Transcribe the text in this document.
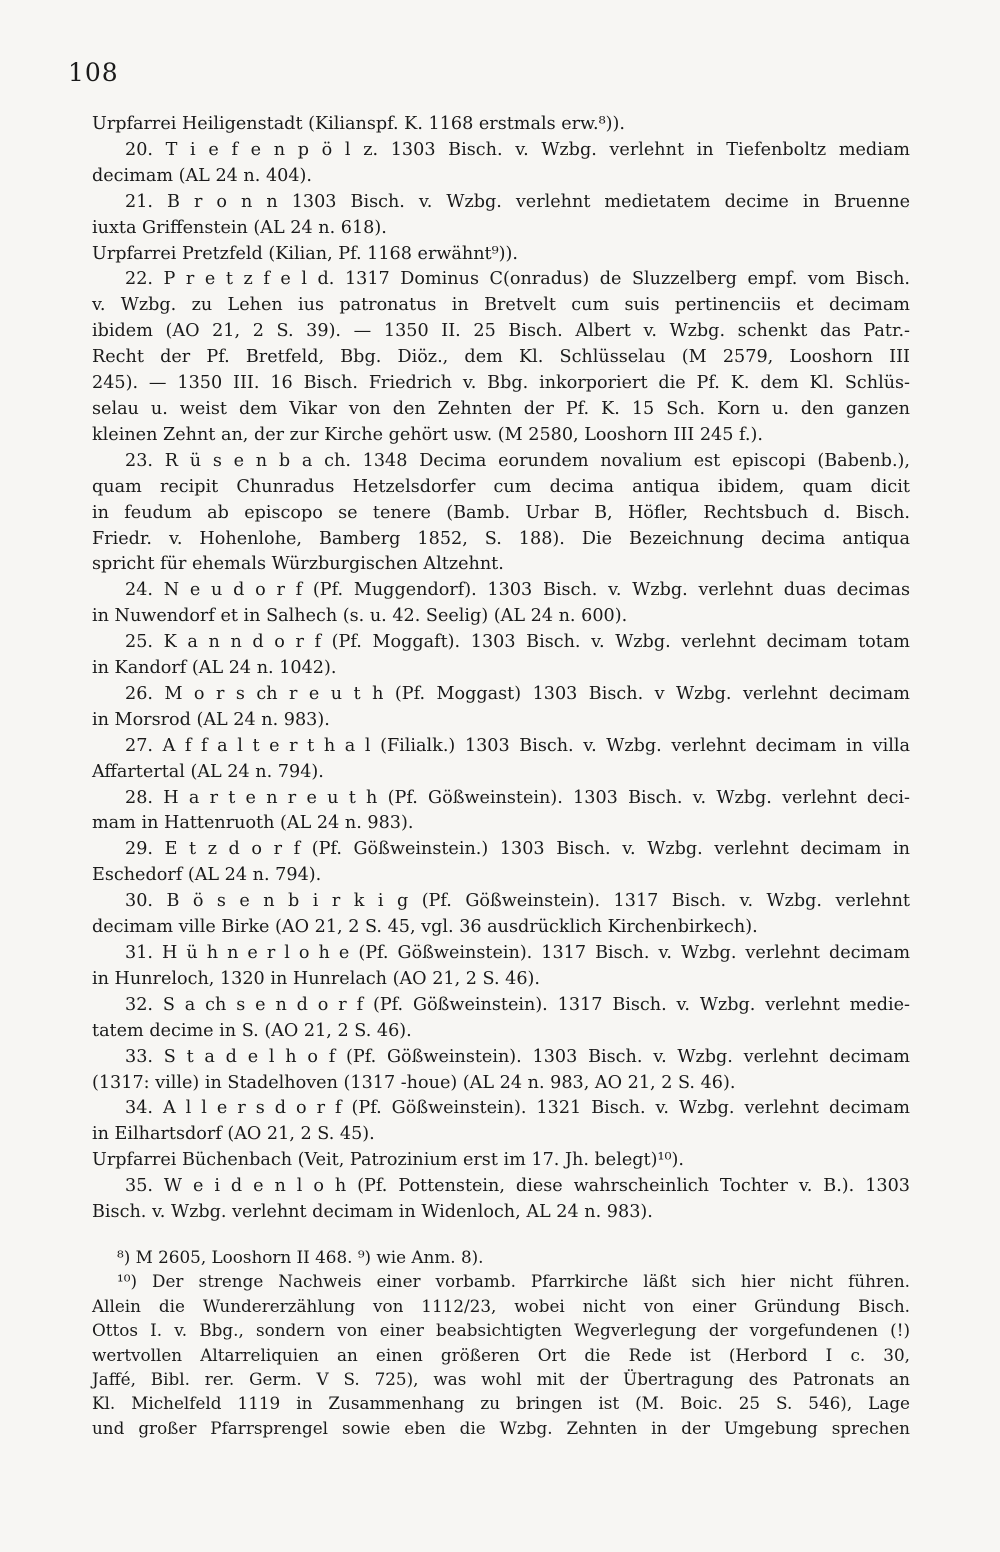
108
Urpfarrei Heiligenstadt (Kilianspf. K. 1168 erstmals erw.⁸)).
20. T i e f e n p ö l z. 1303 Bisch. v. Wzbg. verlehnt in Tiefenboltz mediam
decimam (AL 24 n. 404).
21. B r o n n 1303 Bisch. v. Wzbg. verlehnt medietatem decime in Bruenne
iuxta Griffenstein (AL 24 n. 618).
Urpfarrei Pretzfeld (Kilian, Pf. 1168 erwähnt⁹)).
22. P r e t z f e l d. 1317 Dominus C(onradus) de Sluzzelberg empf. vom Bisch.
v. Wzbg. zu Lehen ius patronatus in Bretvelt cum suis pertinenciis et decimam
ibidem (AO 21, 2 S. 39). — 1350 II. 25 Bisch. Albert v. Wzbg. schenkt das Patr.-
Recht der Pf. Bretfeld, Bbg. Diöz., dem Kl. Schlüsselau (M 2579, Looshorn III
245). — 1350 III. 16 Bisch. Friedrich v. Bbg. inkorporiert die Pf. K. dem Kl. Schlüs-
selau u. weist dem Vikar von den Zehnten der Pf. K. 15 Sch. Korn u. den ganzen
kleinen Zehnt an, der zur Kirche gehört usw. (M 2580, Looshorn III 245 f.).
23. R ü s e n b a ch. 1348 Decima eorundem novalium est episcopi (Babenb.),
quam recipit Chunradus Hetzelsdorfer cum decima antiqua ibidem, quam dicit
in feudum ab episcopo se tenere (Bamb. Urbar B, Höfler, Rechtsbuch d. Bisch.
Friedr. v. Hohenlohe, Bamberg 1852, S. 188). Die Bezeichnung decima antiqua
spricht für ehemals Würzburgischen Altzehnt.
24. N e u d o r f (Pf. Muggendorf). 1303 Bisch. v. Wzbg. verlehnt duas decimas
in Nuwendorf et in Salhech (s. u. 42. Seelig) (AL 24 n. 600).
25. K a n n d o r f (Pf. Moggaft). 1303 Bisch. v. Wzbg. verlehnt decimam totam
in Kandorf (AL 24 n. 1042).
26. M o r s ch r e u t h (Pf. Moggast) 1303 Bisch. v Wzbg. verlehnt decimam
in Morsrod (AL 24 n. 983).
27. A f f a l t e r t h a l (Filialk.) 1303 Bisch. v. Wzbg. verlehnt decimam in villa
Affartertal (AL 24 n. 794).
28. H a r t e n r e u t h (Pf. Gößweinstein). 1303 Bisch. v. Wzbg. verlehnt deci-
mam in Hattenruoth (AL 24 n. 983).
29. E t z d o r f (Pf. Gößweinstein.) 1303 Bisch. v. Wzbg. verlehnt decimam in
Eschedorf (AL 24 n. 794).
30. B ö s e n b i r k i g (Pf. Gößweinstein). 1317 Bisch. v. Wzbg. verlehnt
decimam ville Birke (AO 21, 2 S. 45, vgl. 36 ausdrücklich Kirchenbirkech).
31. H ü h n e r l o h e (Pf. Gößweinstein). 1317 Bisch. v. Wzbg. verlehnt decimam
in Hunreloch, 1320 in Hunrelach (AO 21, 2 S. 46).
32. S a ch s e n d o r f (Pf. Gößweinstein). 1317 Bisch. v. Wzbg. verlehnt medie-
tatem decime in S. (AO 21, 2 S. 46).
33. S t a d e l h o f (Pf. Gößweinstein). 1303 Bisch. v. Wzbg. verlehnt decimam
(1317: ville) in Stadelhoven (1317 -houe) (AL 24 n. 983, AO 21, 2 S. 46).
34. A l l e r s d o r f (Pf. Gößweinstein). 1321 Bisch. v. Wzbg. verlehnt decimam
in Eilhartsdorf (AO 21, 2 S. 45).
Urpfarrei Büchenbach (Veit, Patrozinium erst im 17. Jh. belegt)¹⁰).
35. W e i d e n l o h (Pf. Pottenstein, diese wahrscheinlich Tochter v. B.). 1303
Bisch. v. Wzbg. verlehnt decimam in Widenloch, AL 24 n. 983).
⁸) M 2605, Looshorn II 468. ⁹) wie Anm. 8).
¹⁰) Der strenge Nachweis einer vorbamb. Pfarrkirche läßt sich hier nicht führen.
Allein die Wundererzählung von 1112/23, wobei nicht von einer Gründung Bisch.
Ottos I. v. Bbg., sondern von einer beabsichtigten Wegverlegung der vorgefundenen (!)
wertvollen Altarreliquien an einen größeren Ort die Rede ist (Herbord I c. 30,
Jaffé, Bibl. rer. Germ. V S. 725), was wohl mit der Übertragung des Patronats an
Kl. Michelfeld 1119 in Zusammenhang zu bringen ist (M. Boic. 25 S. 546), Lage
und großer Pfarrsprengel sowie eben die Wzbg. Zehnten in der Umgebung sprechen
